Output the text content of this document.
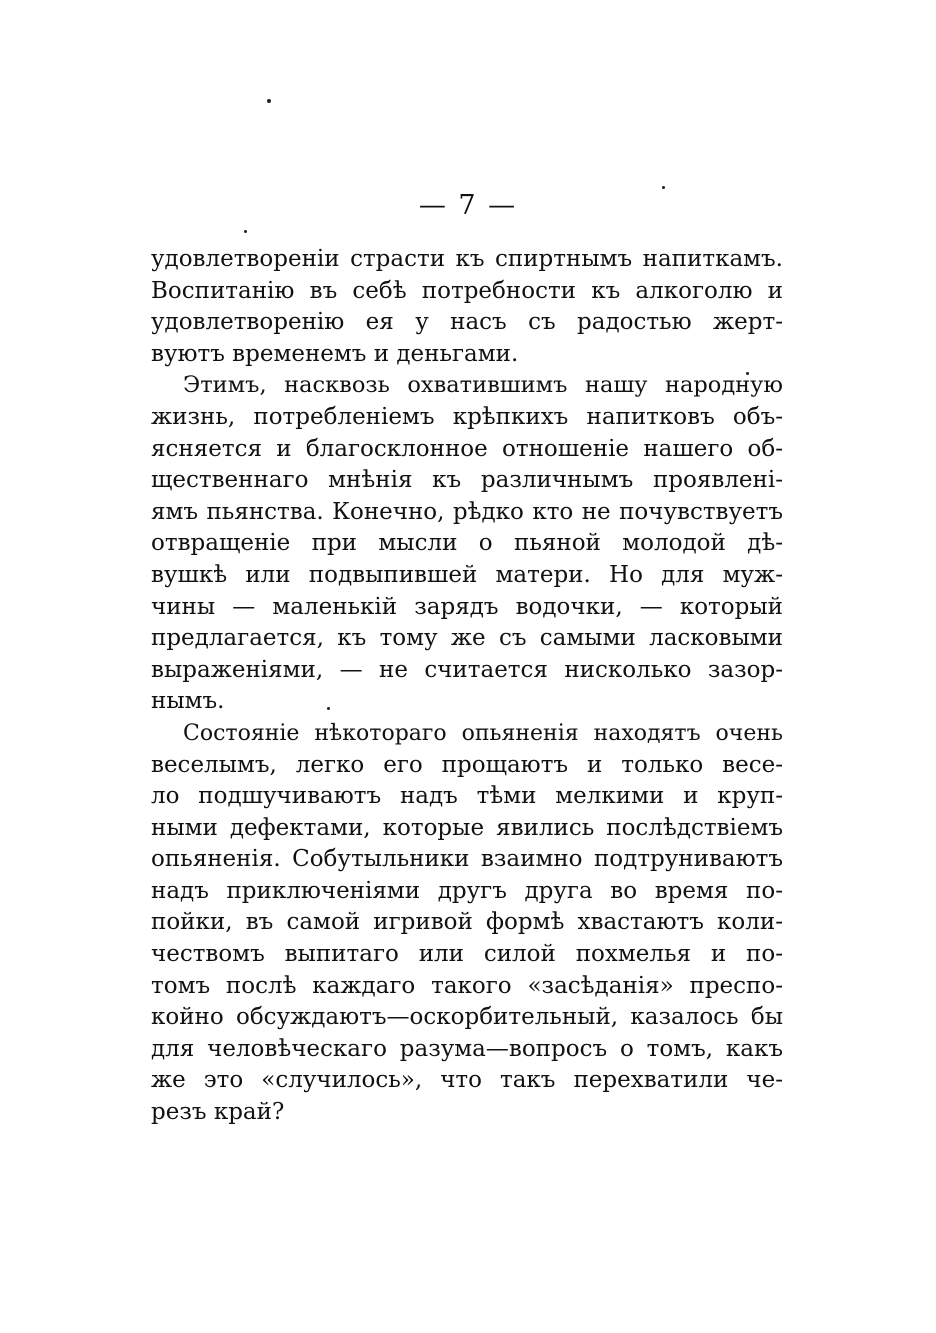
— 7 —
удовлетворенiи страсти къ спиртнымъ напиткамъ.
Воспитанiю въ себѣ потребности къ алкоголю и
удовлетворенiю ея у насъ съ радостью жерт-
вуютъ временемъ и деньгами.
Этимъ, насквозь охватившимъ нашу народную
жизнь, потребленiемъ крѣпкихъ напитковъ объ-
ясняется и благосклонное отношенiе нашего об-
щественнаго мнѣнiя къ различнымъ проявленi-
ямъ пьянства. Конечно, рѣдко кто не почувствуетъ
отвращенiе при мысли о пьяной молодой дѣ-
вушкѣ или подвыпившей матери. Но для муж-
чины — маленькiй зарядъ водочки, — который
предлагается, къ тому же съ самыми ласковыми
выраженiями, — не считается нисколько зазор-
нымъ.
Состоянiе нѣкотораго опьяненiя находятъ очень
веселымъ, легко его прощаютъ и только весе-
ло подшучиваютъ надъ тѣми мелкими и круп-
ными дефектами, которые явились послѣдствiемъ
опьяненiя. Собутыльники взаимно подтруниваютъ
надъ приключенiями другъ друга во время по-
пойки, въ самой игривой формѣ хвастаютъ коли-
чествомъ выпитаго или силой похмелья и по-
томъ послѣ каждаго такого «засѣданiя» преспо-
койно обсуждаютъ—оскорбительный, казалось бы
для человѣческаго разума—вопросъ о томъ, какъ
же это «случилось», что такъ перехватили че-
резъ край?
